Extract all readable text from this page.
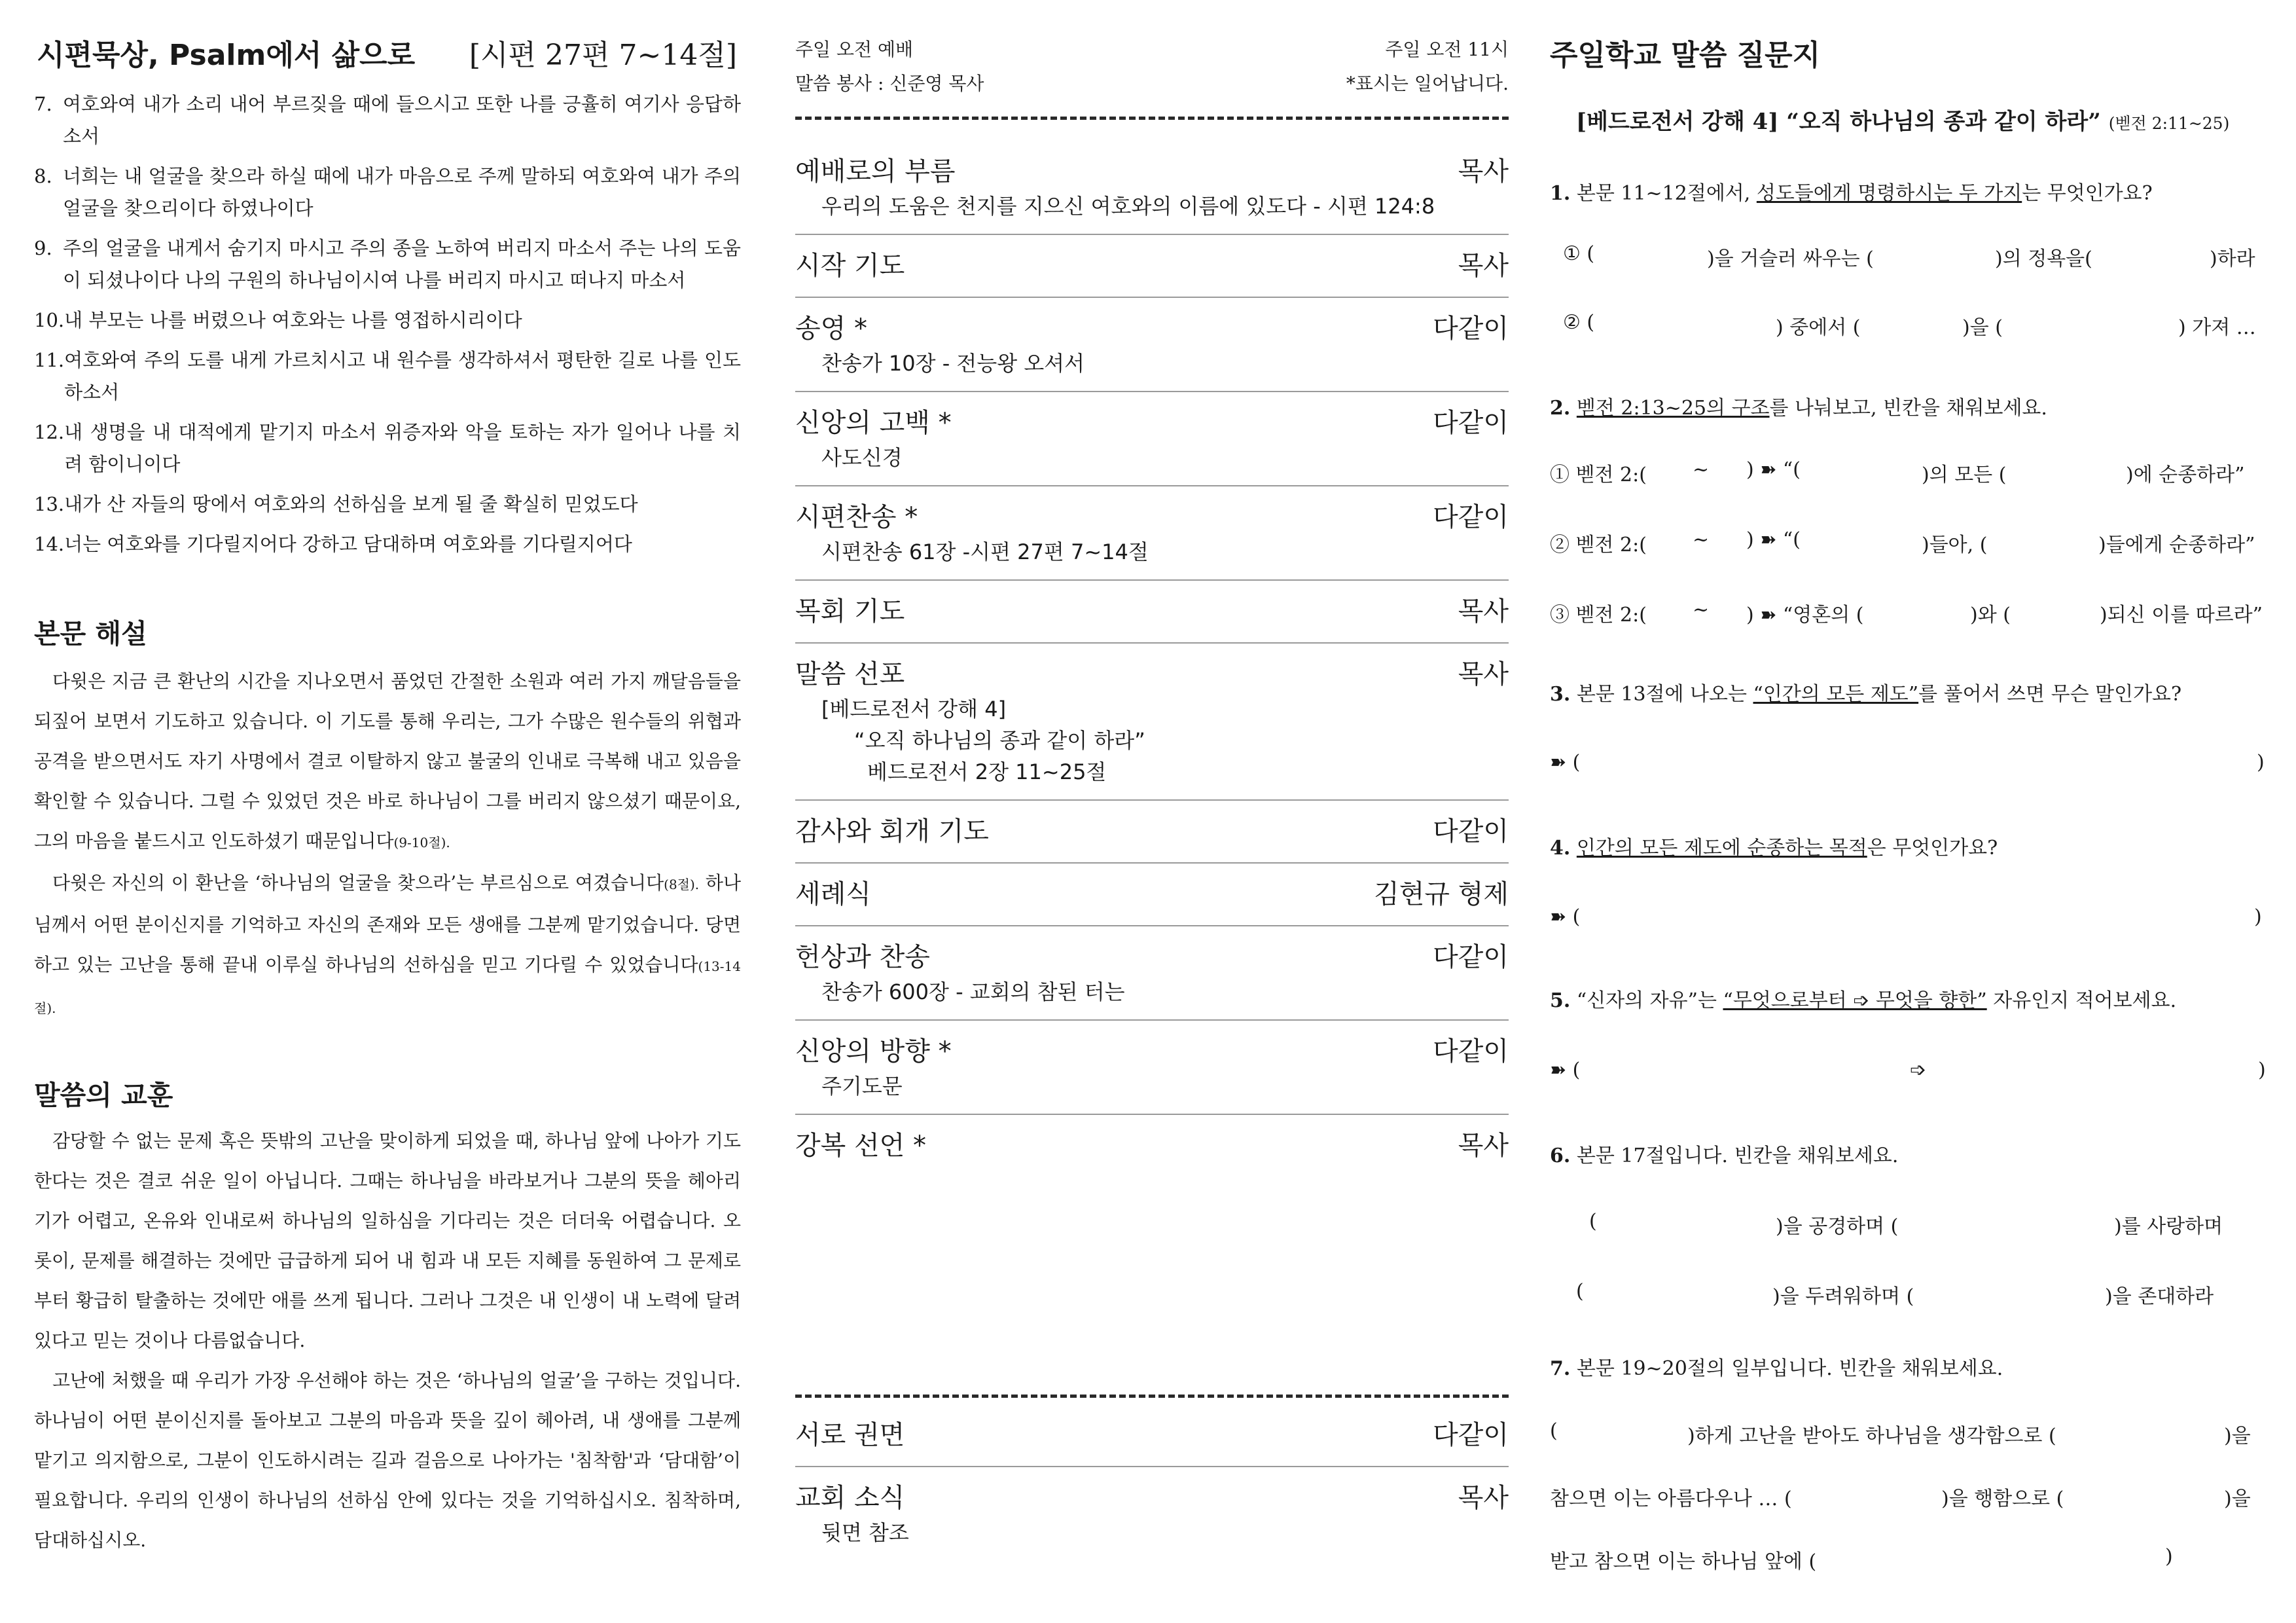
시편묵상, Psalm에서 삶으로 [시편 27편 7~14절]
7. 여호와여 내가 소리 내어 부르짖을 때에 들으시고 또한 나를 긍휼히 여기사 응답하소서
8. 너희는 내 얼굴을 찾으라 하실 때에 내가 마음으로 주께 말하되 여호와여 내가 주의 얼굴을 찾으리이다 하였나이다
9. 주의 얼굴을 내게서 숨기지 마시고 주의 종을 노하여 버리지 마소서 주는 나의 도움이 되셨나이다 나의 구원의 하나님이시여 나를 버리지 마시고 떠나지 마소서
10. 내 부모는 나를 버렸으나 여호와는 나를 영접하시리이다
11. 여호와여 주의 도를 내게 가르치시고 내 원수를 생각하셔서 평탄한 길로 나를 인도하소서
12. 내 생명을 내 대적에게 맡기지 마소서 위증자와 악을 토하는 자가 일어나 나를 치려 함이니이다
13. 내가 산 자들의 땅에서 여호와의 선하심을 보게 될 줄 확실히 믿었도다
14. 너는 여호와를 기다릴지어다 강하고 담대하며 여호와를 기다릴지어다
본문 해설

다윗은 지금 큰 환난의 시간을 지나오면서 품었던 간절한 소원과 여러 가지 깨달음들을 되짚어 보면서 기도하고 있습니다. 이 기도를 통해 우리는, 그가 수많은 원수들의 위협과 공격을 받으면서도 자기 사명에서 결코 이탈하지 않고 불굴의 인내로 극복해 내고 있음을 확인할 수 있습니다. 그럴 수 있었던 것은 바로 하나님이 그를 버리지 않으셨기 때문이요, 그의 마음을 붙드시고 인도하셨기 때문입니다(9-10절).

다윗은 자신의 이 환난을 ‘하나님의 얼굴을 찾으라’는 부르심으로 여겼습니다(8절). 하나님께서 어떤 분이신지를 기억하고 자신의 존재와 모든 생애를 그분께 맡기었습니다. 당면하고 있는 고난을 통해 끝내 이루실 하나님의 선하심을 믿고 기다릴 수 있었습니다(13-14절).

말씀의 교훈

감당할 수 없는 문제 혹은 뜻밖의 고난을 맞이하게 되었을 때, 하나님 앞에 나아가 기도한다는 것은 결코 쉬운 일이 아닙니다. 그때는 하나님을 바라보거나 그분의 뜻을 헤아리기가 어렵고, 온유와 인내로써 하나님의 일하심을 기다리는 것은 더더욱 어렵습니다. 오롯이, 문제를 해결하는 것에만 급급하게 되어 내 힘과 내 모든 지혜를 동원하여 그 문제로부터 황급히 탈출하는 것에만 애를 쓰게 됩니다. 그러나 그것은 내 인생이 내 노력에 달려 있다고 믿는 것이나 다름없습니다.

고난에 처했을 때 우리가 가장 우선해야 하는 것은 ‘하나님의 얼굴’을 구하는 것입니다. 하나님이 어떤 분이신지를 돌아보고 그분의 마음과 뜻을 깊이 헤아려, 내 생애를 그분께 맡기고 의지함으로, 그분이 인도하시려는 길과 걸음으로 나아가는 '침착함'과 ‘담대함’이 필요합니다. 우리의 인생이 하나님의 선하심 안에 있다는 것을 기억하십시오. 침착하며, 담대하십시오.

주일 오전 예배	주일 오전 11시
말씀 봉사 : 신준영 목사	*표시는 일어납니다.
예배로의 부름	목사
우리의 도움은 천지를 지으신 여호와의 이름에 있도다 - 시편 124:8
시작 기도	목사
송영 *	다같이
찬송가 10장 - 전능왕 오셔서
신앙의 고백 *	다같이
사도신경
시편찬송 *	다같이
시편찬송 61장 -시편 27편 7~14절
목회 기도	목사
말씀 선포	목사
[베드로전서 강해 4]
“오직 하나님의 종과 같이 하라”
베드로전서 2장 11~25절
감사와 회개 기도	다같이
세례식	김현규 형제
헌상과 찬송	다같이
찬송가 600장 - 교회의 참된 터는
신앙의 방향 *	다같이
주기도문
강복 선언 *	목사
서로 권면	다같이
교회 소식	목사
뒷면 참조
주일학교 말씀 질문지
[베드로전서 강해 4] “오직 하나님의 종과 같이 하라” (벧전 2:11~25)
1. 본문 11~12절에서, 성도들에게 명령하시는 두 가지는 무엇인가요?
① (	)을 거슬러 싸우는 (	)의 정욕을(	)하라
② (	) 중에서 (	)을 (	) 가져 …
2. 벧전 2:13~25의 구조를 나눠보고, 빈칸을 채워보세요.
① 벧전 2:( ~ ) ➽ “(	)의 모든 (	)에 순종하라”
② 벧전 2:( ~ ) ➽ “(	)들아, (	)들에게 순종하라”
③ 벧전 2:( ~ ) ➽ “영혼의 (	)와 (	)되신 이를 따르라”
3. 본문 13절에 나오는 “인간의 모든 제도”를 풀어서 쓰면 무슨 말인가요?
➽ (	)
4. 인간의 모든 제도에 순종하는 목적은 무엇인가요?
➽ (	)
5. “신자의 자유”는 “무엇으로부터 ➩ 무엇을 향한” 자유인지 적어보세요.
➽ (	➩	)
6. 본문 17절입니다. 빈칸을 채워보세요.
(	)을 공경하며 (	)를 사랑하며
(	)을 두려워하며 (	)을 존대하라
7. 본문 19~20절의 일부입니다. 빈칸을 채워보세요.
(	)하게 고난을 받아도 하나님을 생각함으로 (	)을
참으면 이는 아름다우나 … (	)을 행함으로 (	)을
받고 참으면 이는 하나님 앞에 (	)
